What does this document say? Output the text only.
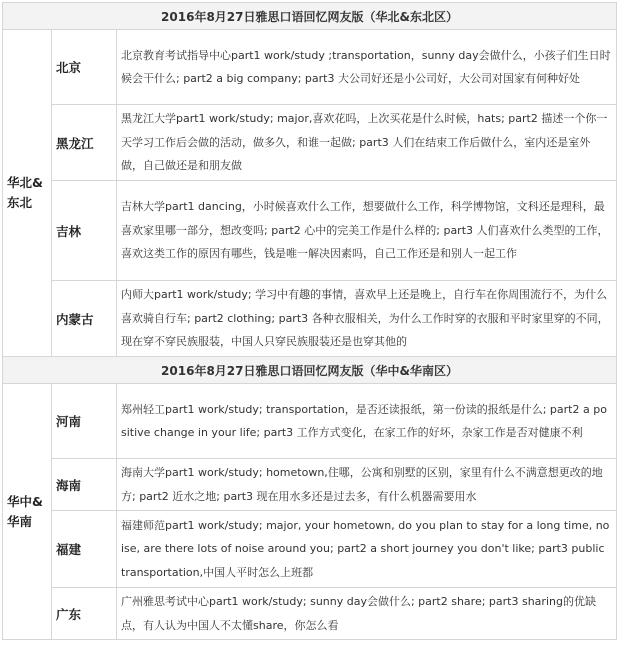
2016年8月27日雅思口语回忆网友版（华北&东北区）		
华北&东北	北京	北京教育考试指导中心part1 work/study ;transportation，sunny day会做什么，小孩子们生日时候会干什么; part2 a big company; part3 大公司好还是小公司好，大公司对国家有何种好处
	黑龙江	黑龙江大学part1 work/study; major,喜欢花吗，上次买花是什么时候，hats; part2 描述一个你一天学习工作后会做的活动，做多久，和谁一起做; part3 人们在结束工作后做什么，室内还是室外做，自己做还是和朋友做
	吉林	吉林大学part1 dancing，小时候喜欢什么工作，想要做什么工作，科学博物馆，文科还是理科，最喜欢家里哪一部分，想改变吗; part2 心中的完美工作是什么样的; part3 人们喜欢什么类型的工作，喜欢这类工作的原因有哪些，钱是唯一解决因素吗，自己工作还是和别人一起工作
	内蒙古	内师大part1 work/study; 学习中有趣的事情，喜欢早上还是晚上，自行车在你周围流行不，为什么喜欢骑自行车; part2 clothing; part3 各种衣服相关，为什么工作时穿的衣服和平时家里穿的不同，现在穿不穿民族服装，中国人只穿民族服装还是也穿其他的
2016年8月27日雅思口语回忆网友版（华中&华南区）		
华中&华南	河南	郑州轻工part1 work/study; transportation，是否还读报纸，第一份读的报纸是什么; part2 a positive change in your life; part3 工作方式变化，在家工作的好坏，杂家工作是否对健康不利
	海南	海南大学part1 work/study; hometown,住哪，公寓和别墅的区别，家里有什么不满意想更改的地方; part2 近水之地; part3 现在用水多还是过去多，有什么机器需要用水
	福建	福建师范part1 work/study; major, your hometown, do you plan to stay for a long time, noise, are there lots of noise around you; part2 a short journey you don't like; part3 public transportation,中国人平时怎么上班都
	广东	广州雅思考试中心part1 work/study; sunny day会做什么; part2 share; part3 sharing的优缺点，有人认为中国人不太懂share，你怎么看
